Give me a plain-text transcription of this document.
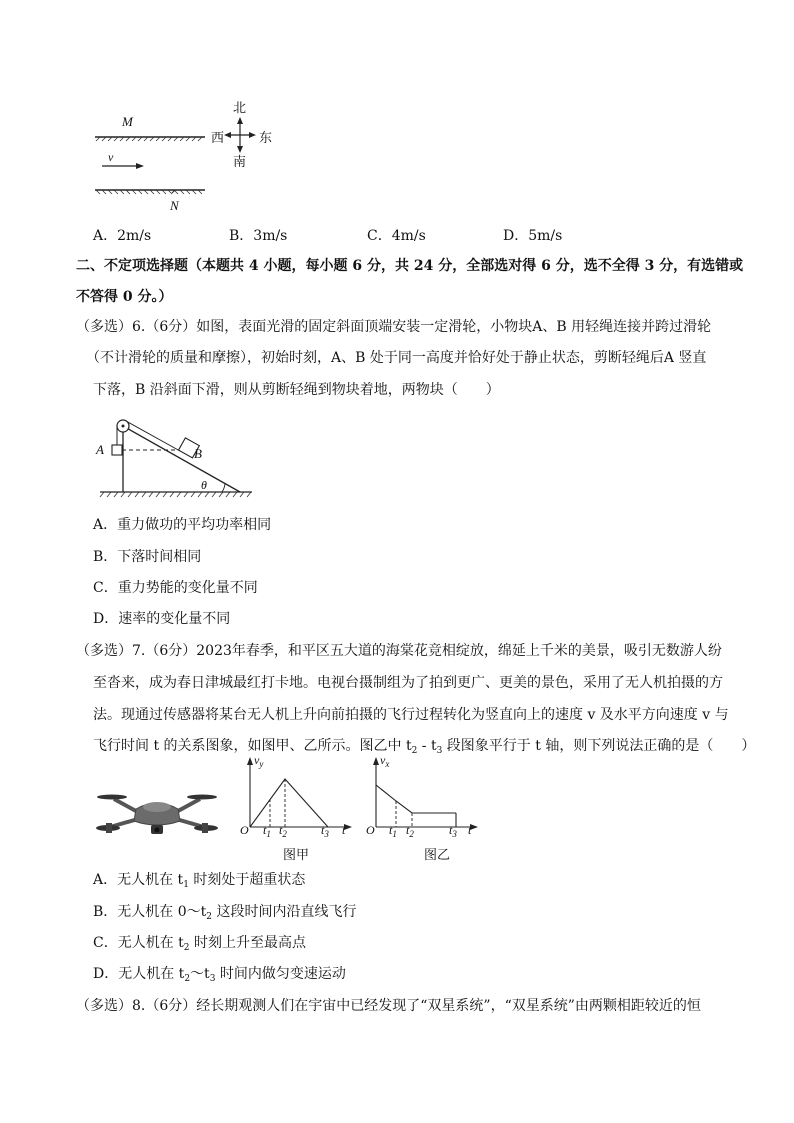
M
N
v
北
南
西	东
A．2m/s	B．3m/s	C．4m/s	D．5m/s
二、不定项选择题（本题共 4 小题，每小题 6 分，共 24 分，全部选对得 6 分，选不全得 3 分，有选错或
不答得 0 分。）
（多选）6.（6分）如图，表面光滑的固定斜面顶端安装一定滑轮，小物块A、B 用轻绳连接并跨过滑轮
（不计滑轮的质量和摩擦），初始时刻，A、B 处于同一高度并恰好处于静止状态，剪断轻绳后A 竖直
下落，B 沿斜面下滑，则从剪断轻绳到物块着地，两物块（　　）
A	B
θ
A．重力做功的平均功率相同
B．下落时间相同
C．重力势能的变化量不同
D．速率的变化量不同
（多选）7.（6分）2023年春季，和平区五大道的海棠花竞相绽放，绵延上千米的美景，吸引无数游人纷
至沓来，成为春日津城最红打卡地。电视台摄制组为了拍到更广、更美的景色，采用了无人机拍摄的方
法。现通过传感器将某台无人机上升向前拍摄的飞行过程转化为竖直向上的速度 v 及水平方向速度 v 与
飞行时间 t 的关系图象，如图甲、乙所示。图乙中 $t_2 - t_3$ 段图象平行于 t 轴，则下列说法正确的是（　　）
$v_y$
O $t_1$ $t_2$	$t_3$ t
图甲
$v_x$
O $t_1$ $t_2$	$t_3$ t
图乙
A．无人机在 $t_1$ 时刻处于超重状态
B．无人机在 $0\sim t_2$ 这段时间内沿直线飞行
C．无人机在 $t_2$ 时刻上升至最高点
D．无人机在 $t_2\sim t_3$ 时间内做匀变速运动
（多选）8.（6分）经长期观测人们在宇宙中已经发现了“双星系统”，“双星系统”由两颗相距较近的恒
